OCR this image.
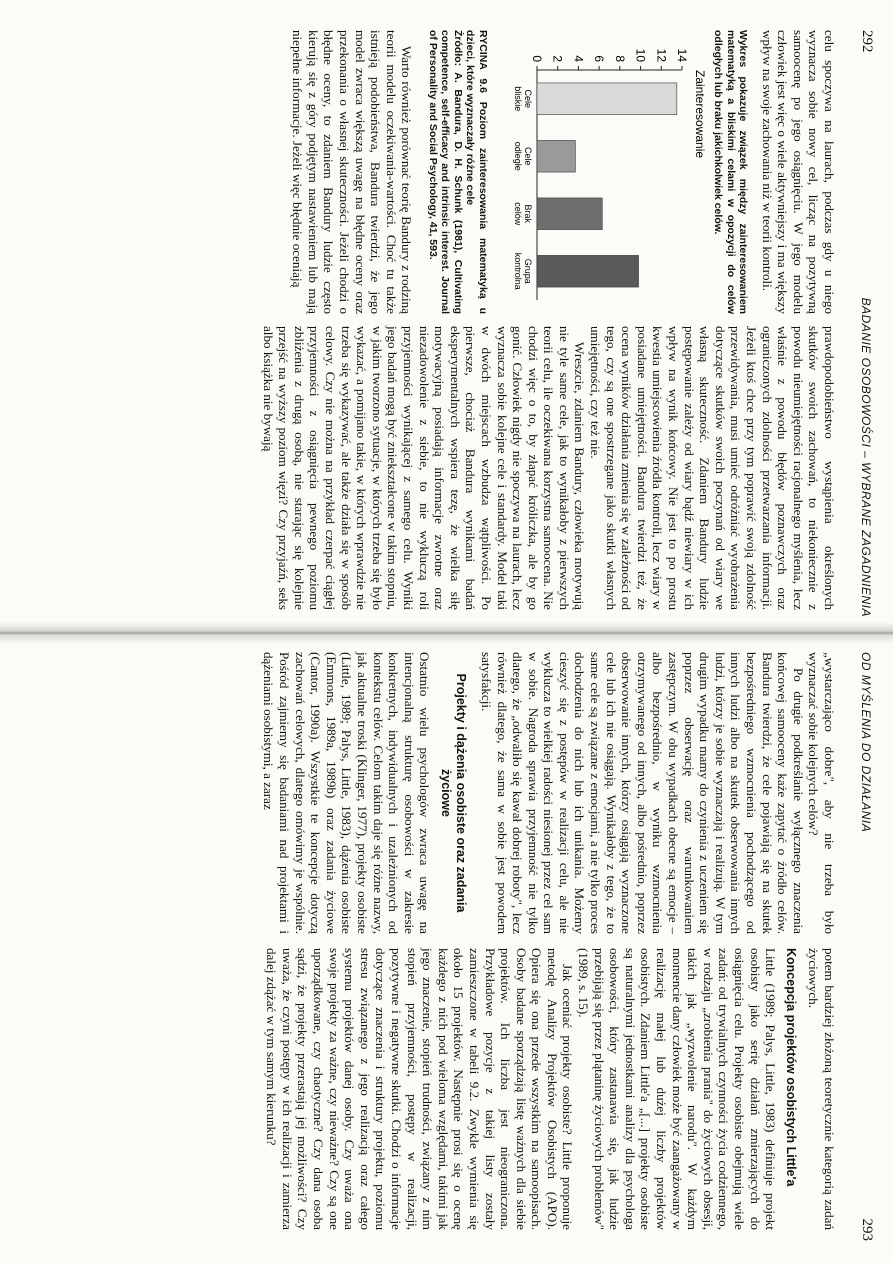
292
BADANIE OSOBOWOŚCI – WYBRANE ZAGADNIENIA

celu spoczywa na laurach, podczas gdy u niego wyznacza sobie nowy cel, licząc na pozytywną samoocenę po jego osiągnięciu. W jego modelu człowiek jest więc o wiele aktywniejszy i ma większy wpływ na swoje zachowania niż w teorii kontroli.

Wykres pokazuje związek między zainteresowaniem matematyką a bliskimi celami w opozycji do celów odległych lub braku jakichkolwiek celów.

Zainteresowanie
0 2 4 6 8 10 12 14
Cele
bliskie
Cele
odległe
Brak
celów
Grupa
kontrolna

RYCINA 9.6 Poziom zainteresowania matematyką u dzieci, które wyznaczały różne cele

Źródło: A. Bandura, D. H. Schunk (1981), Cultivating competence, self-efficacy and intrinsic interest. Journal of Personality and Social Psychology, 41, 593.

Warto również porównać teorię Bandury z rodziną teorii modelu oczekiwania-wartości. Choć tu także istnieją podobieństwa, Bandura twierdzi, że jego model zwraca większą uwagę na błędne oceny oraz przekonania o własnej skuteczności. Jeżeli chodzi o błędne oceny, to zdaniem Bandury ludzie często kierują się z góry podjętym nastawieniem lub mają niepełne informacje. Jeżeli więc błędnie oceniają

prawdopodobieństwo wystąpienia określonych skutków swoich zachowań, to niekoniecznie z powodu nieumiejętności racjonalnego myślenia, lecz właśnie z powodu błędów poznawczych oraz ograniczonych zdolności przetwarzania informacji. Jeżeli ktoś chce przy tym poprawić swoją zdolność przewidywania, musi umieć odróżniać wyobrażenia dotyczące skutków swoich poczynań od wiary we własną skuteczność. Zdaniem Bandury ludzie postępowanie zależy od wiary bądź niewiary w ich wpływ na wynik końcowy. Nie jest to po prostu kwestia umiejscowienia źródła kontroli, lecz wiary w posiadane umiejętności. Bandura twierdzi też, że ocena wyników działania zmienia się w zależności od tego, czy są one spostrzegane jako skutki własnych umiejętności, czy też nie.

Wreszcie, zdaniem Bandury, człowieka motywują nie tyle same cele, jak to wynikałoby z pierwszych teorii celu, ile oczekiwana korzystna samoocena. Nie chodzi więc o to, by złapać króliczka, ale by go gonić. Człowiek nigdy nie spoczywa na laurach, lecz wyznacza sobie kolejne cele i standardy. Model taki w dwóch miejscach wzbudza wątpliwości. Po pierwsze, chociaż Bandura wynikami badań eksperymentalnych wspiera tezę, że wielka siłę motywacyjną posiadają informacje zwrotne oraz niezadowolenie z siebie, to nie wykluczą roli przyjemności wynikającej z samego celu. Wyniki jego badań mogą być zniekształcone w takim stopniu, w jakim tworzono sytuacje, w których trzeba się było wykazać, a pomijano takie, w których wprawdzie nie trzeba się wykazywać, ale także działa się w sposób celowy. Czy nie można na przykład czerpać ciągłej przyjemności z osiągnięcia pewnego poziomu zbliżenia z drugą osobą, nie starając się kolejnie przejść na wyższy poziom więzi? Czy przyjaźń, seks albo książka nie bywają

OD MYŚLENIA DO DZIAŁANIA
293

„wystarczająco dobre", aby nie trzeba było wyznaczać sobie kolejnych celów?

Po drugie podkreślanie wyłącznego znaczenia końcowej samooceny każe zapytać o źródło celów. Bandura twierdzi, że cele pojawiają się na skutek bezpośredniego wzmocnienia pochodzącego od innych ludzi albo na skutek obserwowania innych ludzi, którzy je sobie wyznaczają i realizują. W tym drugim wypadku mamy do czynienia z uczeniem się poprzez obserwację oraz warunkowaniem zastępczym. W obu wypadkach obecne są emocje – albo bezpośrednio, w wyniku wzmocnienia otrzymywanego od innych, albo pośrednio, poprzez obserwowanie innych, którzy osiągają wyznaczone cele lub ich nie osiągają. Wynikałoby z tego, że to same cele są związane z emocjami, a nie tylko proces dochodzenia do nich lub ich unikania. Możemy cieszyć się z postępów w realizacji celu, ale nie wyklucza to wielkiej radości niesionej przez cel sam w sobie. Nagroda sprawia przyjemność nie tylko dlatego, że „odwaliło się kawał dobrej roboty", lecz również dlatego, że sama w sobie jest powodem satysfakcji.

Projekty i dążenia osobiste oraz zadania życiowe

Ostatnio wielu psychologów zwraca uwagę na intencjonalną strukturę osobowości w zakresie konkretnych, indywidualnych i uzależnionych od kontekstu celów. Celom takim daje się różne nazwy, jak aktualne troski (Klinger, 1977), projekty osobiste (Little, 1989; Palys, Little, 1983), dążenia osobiste (Emmons, 1989a, 1989b) oraz zadania życiowe (Cantor, 1990a). Wszystkie te koncepcje dotyczą zachowań celowych, dlatego omówimy je wspólnie. Pośród zajmiemy się badaniami nad projektami i dążeniami osobistymi, a zaraz

potem bardziej złożoną teoretycznie kategorią zadań życiowych.

Koncepcja projektów osobistych Little'a

Little (1989; Palys, Little, 1983) definiuje projekt osobisty jako serię działań zmierzających do osiągnięcia celu. Projekty osobiste obejmują wiele zadań: od trywialnych czynności życia codziennego, w rodzaju „zrobienia prania" do życiowych obsesji, takich jak „wyzwolenie narodu". W każdym momencie dany człowiek może być zaangażowany w realizację małej lub dużej liczby projektów osobistych. Zdaniem Little'a „[...] projekty osobiste są naturalnymi jednostkami analizy dla psychologa osobowości, który zastanawia się, jak ludzie przebijają się przez plątaninę życiowych problemów" (1989, s. 15).

Jak oceniać projekty osobiste? Little proponuje metodę Analizy Projektów Osobistych (APO). Opiera się ona przede wszystkim na samoopisach. Osoby badane sporządzają listę ważnych dla siebie projektów. Ich liczba jest nieograniczona. Przykładowe pozycje z takiej listy zostały zamieszczone w tabeli 9.2. Zwykle wymienia się około 15 projektów. Następnie prosi się o ocenę każdego z nich pod wieloma względami, takimi jak jego znaczenie, stopień trudności, związany z nim stopień przyjemności, postępy w realizacji, pozytywne i negatywne skutki. Chodzi o informacje dotyczące znaczenia i struktury projektu, poziomu stresu związanego z jego realizacją oraz całego systemu projektów danej osoby. Czy uważa ona swoje projekty za ważne, czy nieważne? Czy są one uporządkowane, czy chaotyczne? Czy dana osoba sądzi, że projekty przerastają jej możliwości? Czy uważa, że czyni postępy w ich realizacji i zamierza dalej zdążać w tym samym kierunku?
